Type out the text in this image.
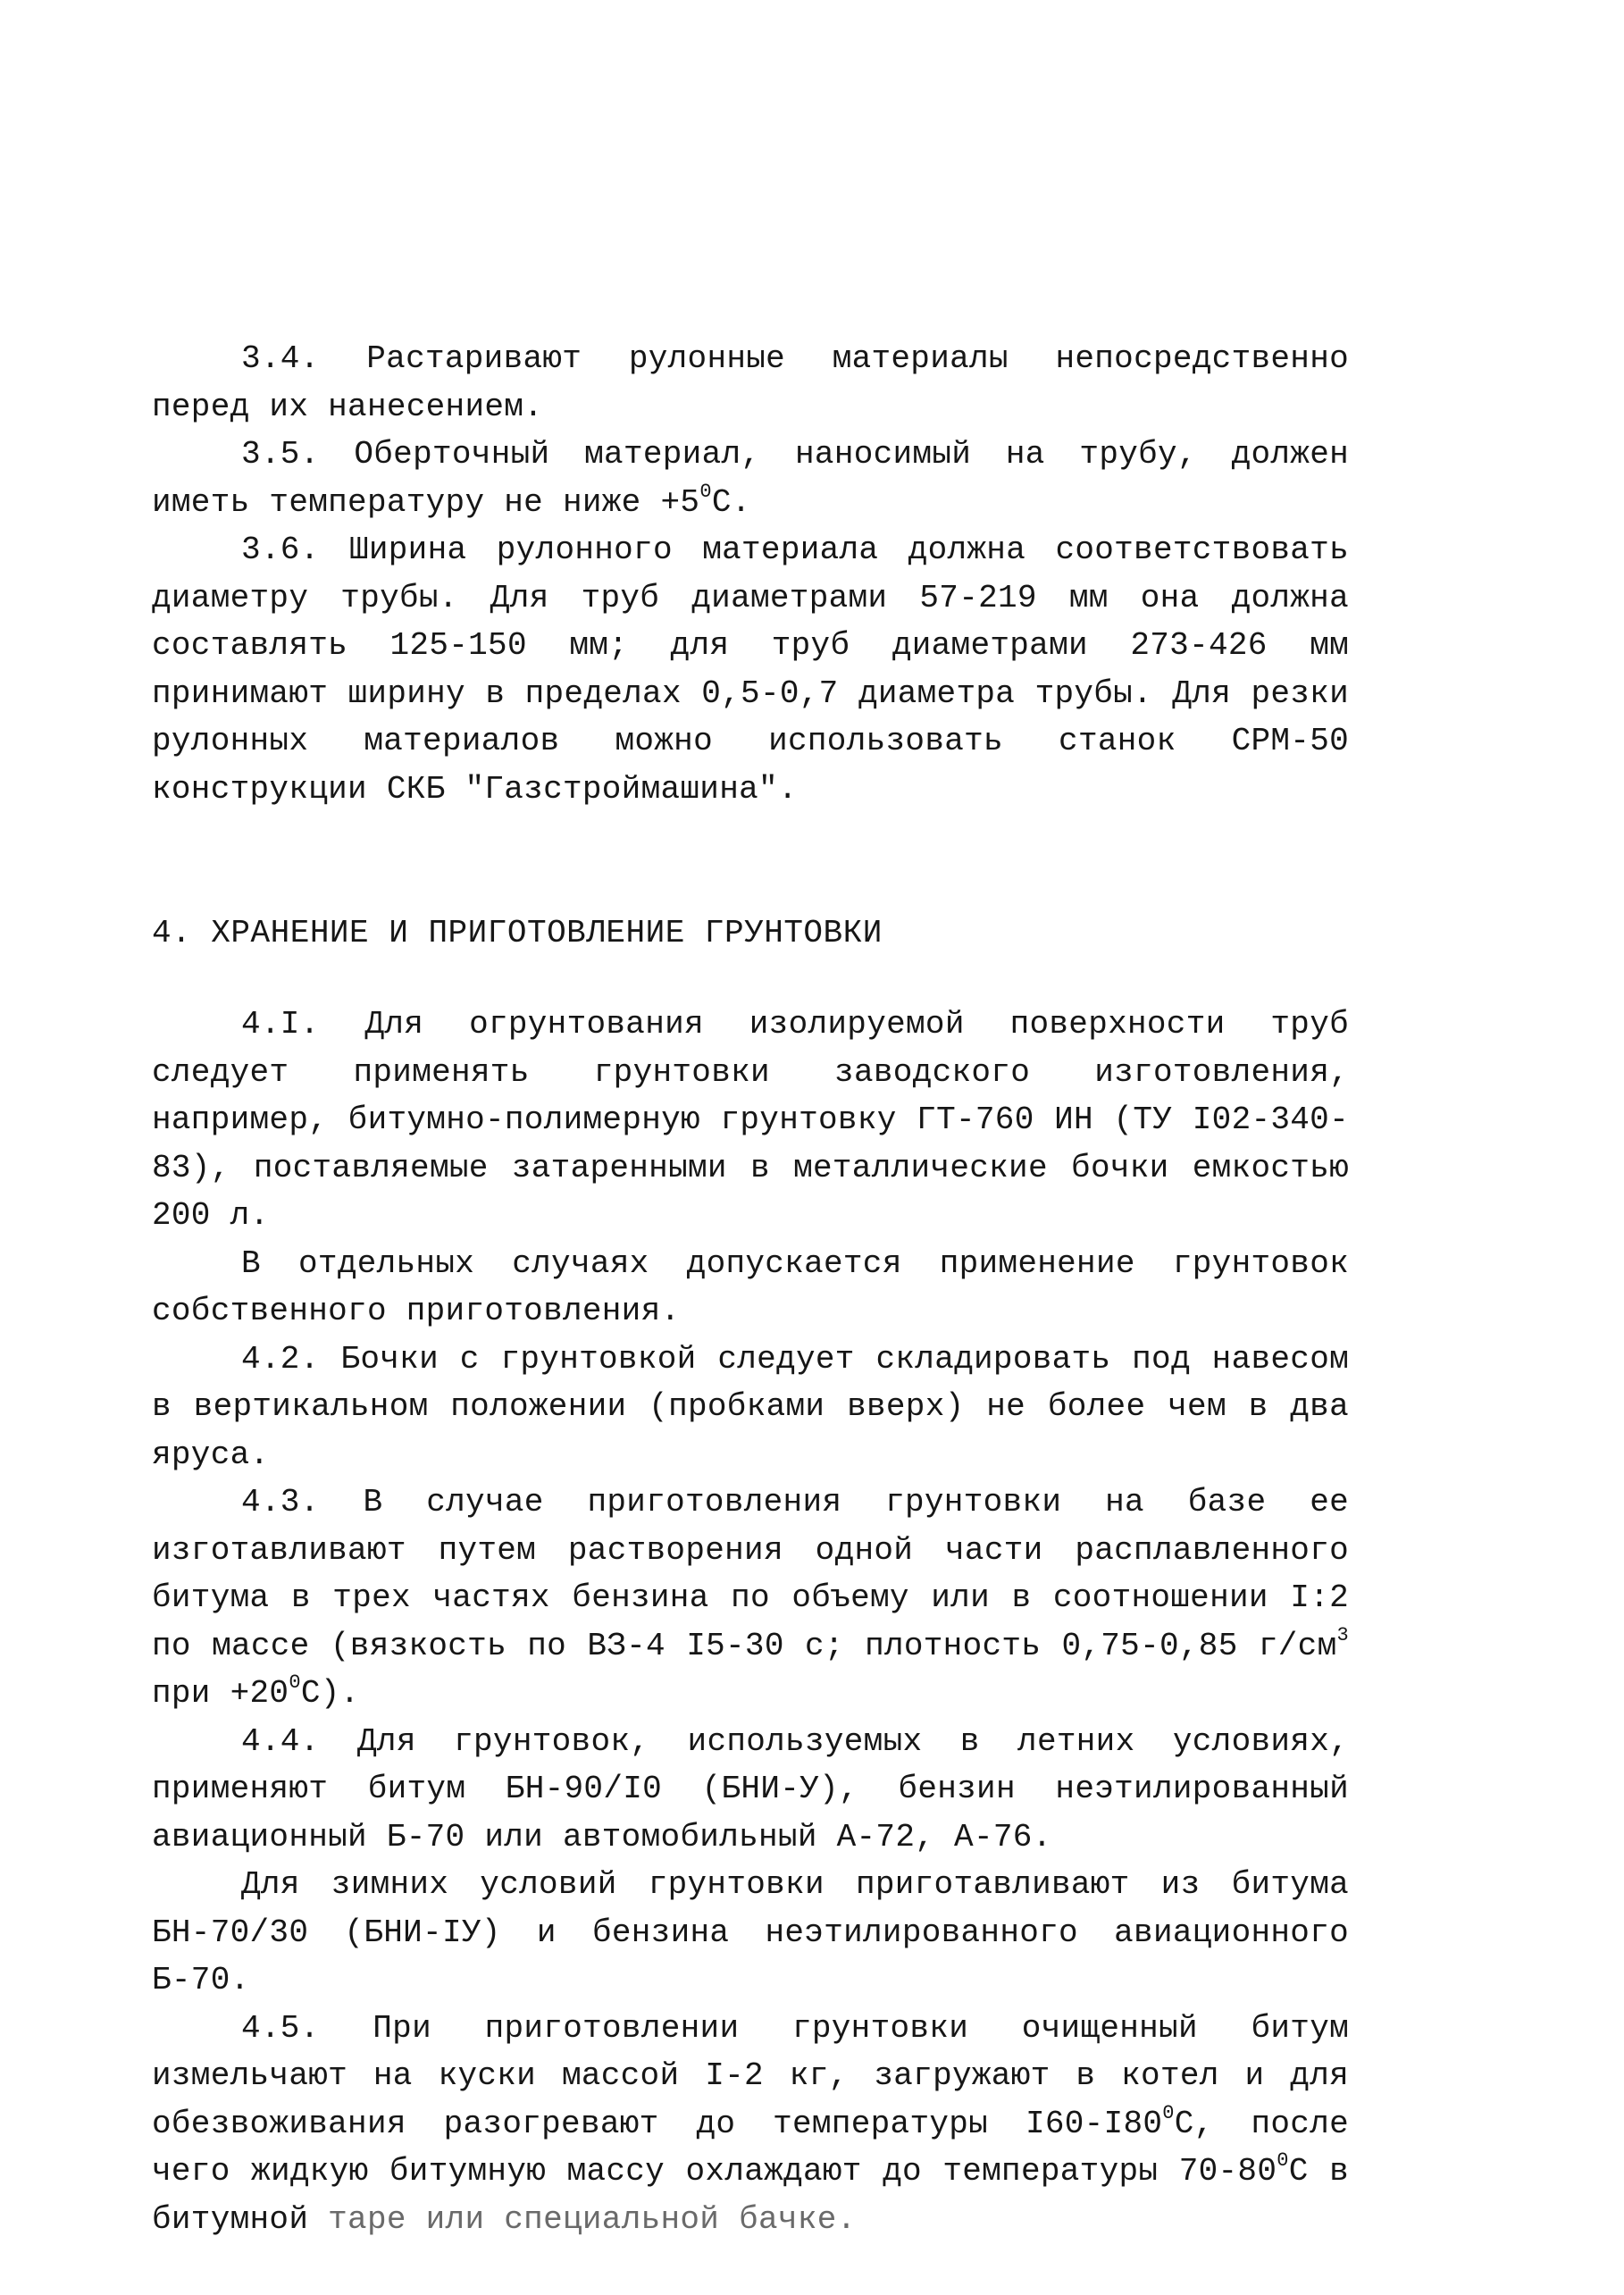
3.4. Растаривают рулонные материалы непосредственно перед их нанесением.

3.5. Оберточный материал, наносимый на трубу, должен иметь температуру не ниже $+5^0С$.

3.6. Ширина рулонного материала должна соответствовать диаметру трубы. Для труб диаметрами 57-219 мм она должна составлять 125-150 мм; для труб диаметрами 273-426 мм принимают ширину в пределах 0,5-0,7 диаметра трубы. Для резки рулонных материалов можно использовать станок СРМ-50 конструкции СКБ "Газстроймашина".

4. ХРАНЕНИЕ И ПРИГОТОВЛЕНИЕ ГРУНТОВКИ

4.I. Для огрунтования изолируемой поверхности труб следует применять грунтовки заводского изготовления, например, битумно-полимерную грунтовку ГТ-760 ИН (ТУ I02-340-83), поставляемые затаренными в металлические бочки емкостью 200 л.

В отдельных случаях допускается применение грунтовок собственного приготовления.

4.2. Бочки с грунтовкой следует складировать под навесом в вертикальном положении (пробками вверх) не более чем в два яруса.

4.3. В случае приготовления грунтовки на базе ее изготавливают путем растворения одной части расплавленного битума в трех частях бензина по объему или в соотношении I:2 по массе (вязкость по ВЗ-4 I5-30 с; плотность 0,75-0,85 $г/см^3$ при $+20^0С$).

4.4. Для грунтовок, используемых в летних условиях, применяют битум БН-90/I0 (БНИ-У), бензин неэтилированный авиационный Б-70 или автомобильный А-72, А-76.

Для зимних условий грунтовки приготавливают из битума БН-70/30 (БНИ-IУ) и бензина неэтилированного авиационного Б-70.

4.5. При приготовлении грунтовки очищенный битум измельчают на куски массой I-2 кг, загружают в котел и для обезвоживания разогревают до температуры $I60-I80^0С$, после чего жидкую битумную массу охлаждают до температуры $70-80^0С$ в битумной таре или специальной бачке.
